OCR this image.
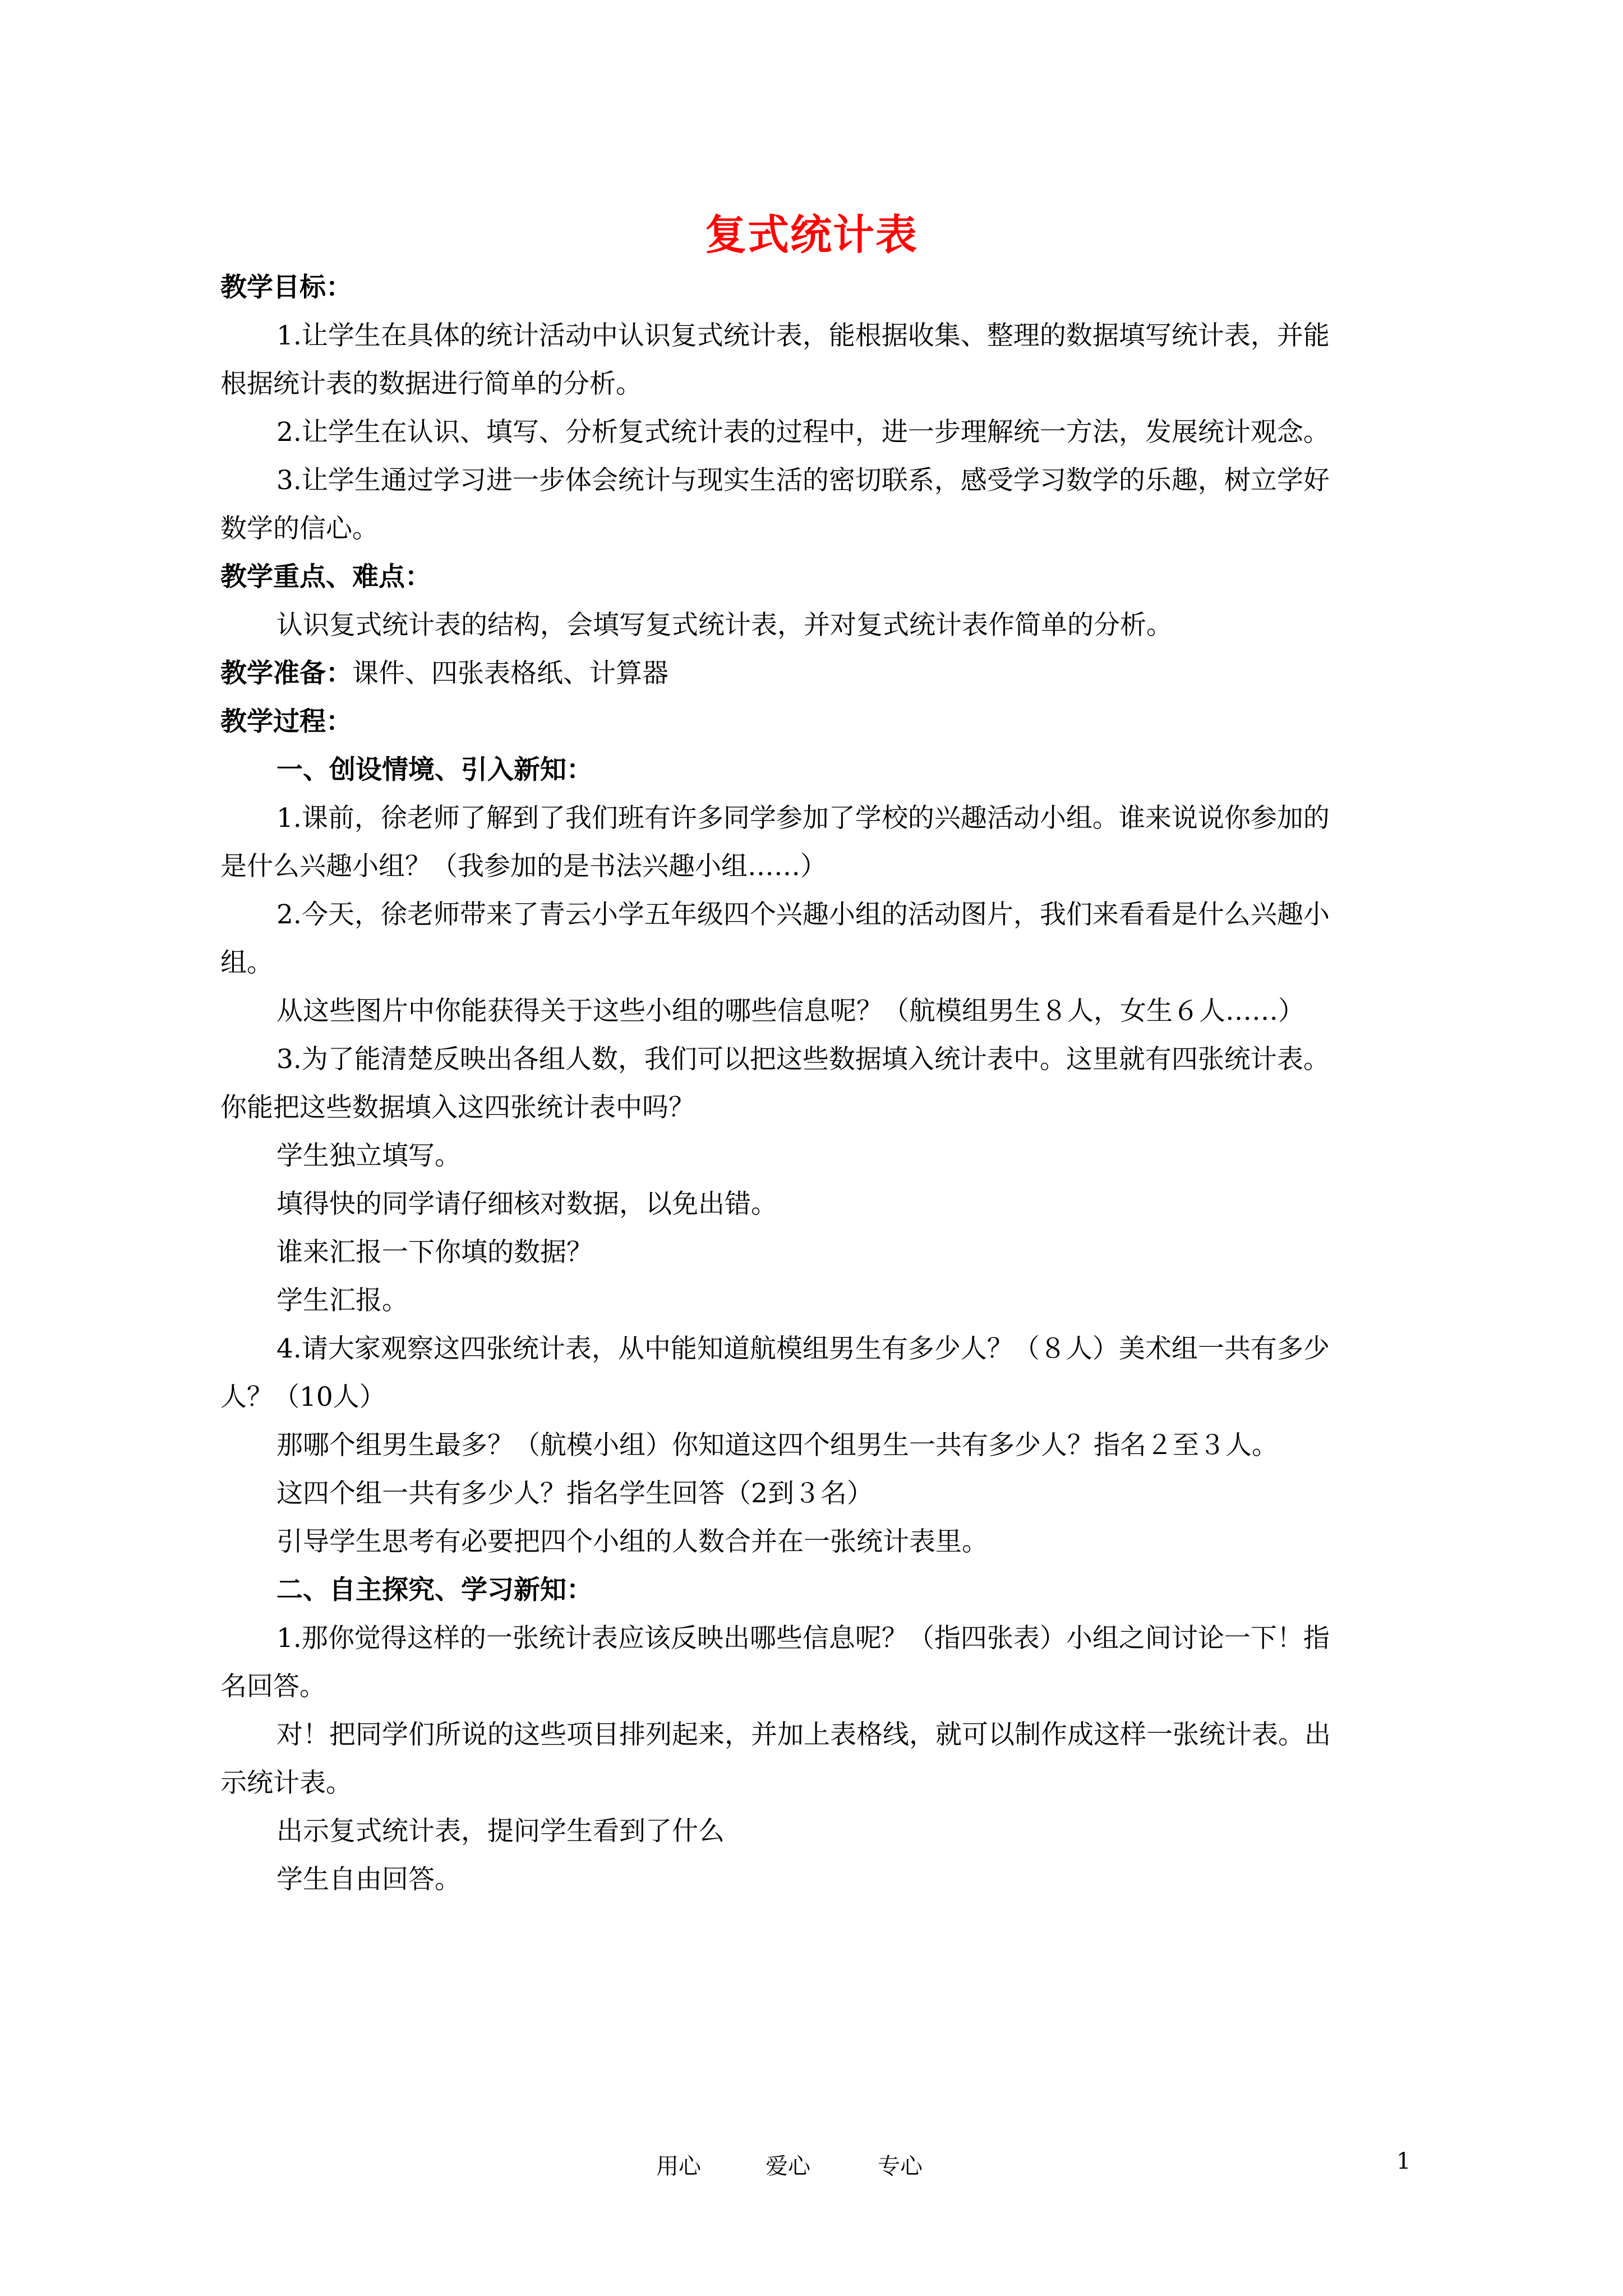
复式统计表
教学目标：
1.让学生在具体的统计活动中认识复式统计表，能根据收集、整理的数据填写统计表，并能
根据统计表的数据进行简单的分析。
2.让学生在认识、填写、分析复式统计表的过程中，进一步理解统一方法，发展统计观念。
3.让学生通过学习进一步体会统计与现实生活的密切联系，感受学习数学的乐趣，树立学好
数学的信心。
教学重点、难点：
认识复式统计表的结构，会填写复式统计表，并对复式统计表作简单的分析。
教学准备：课件、四张表格纸、计算器
教学过程：
一、创设情境、引入新知：
1.课前，徐老师了解到了我们班有许多同学参加了学校的兴趣活动小组。谁来说说你参加的
是什么兴趣小组？（我参加的是书法兴趣小组……）
2.今天，徐老师带来了青云小学五年级四个兴趣小组的活动图片，我们来看看是什么兴趣小
组。
从这些图片中你能获得关于这些小组的哪些信息呢？（航模组男生８人，女生６人……）
3.为了能清楚反映出各组人数，我们可以把这些数据填入统计表中。这里就有四张统计表。
你能把这些数据填入这四张统计表中吗？
学生独立填写。
填得快的同学请仔细核对数据，以免出错。
谁来汇报一下你填的数据？
学生汇报。
4.请大家观察这四张统计表，从中能知道航模组男生有多少人？（８人）美术组一共有多少
人？（10人）
那哪个组男生最多？（航模小组）你知道这四个组男生一共有多少人？指名２至３人。
这四个组一共有多少人？指名学生回答（2到３名）
引导学生思考有必要把四个小组的人数合并在一张统计表里。
二、自主探究、学习新知：
1.那你觉得这样的一张统计表应该反映出哪些信息呢？（指四张表）小组之间讨论一下！指
名回答。
对！把同学们所说的这些项目排列起来，并加上表格线，就可以制作成这样一张统计表。出
示统计表。
出示复式统计表，提问学生看到了什么
学生自由回答。
用心	爱心	专心	1
